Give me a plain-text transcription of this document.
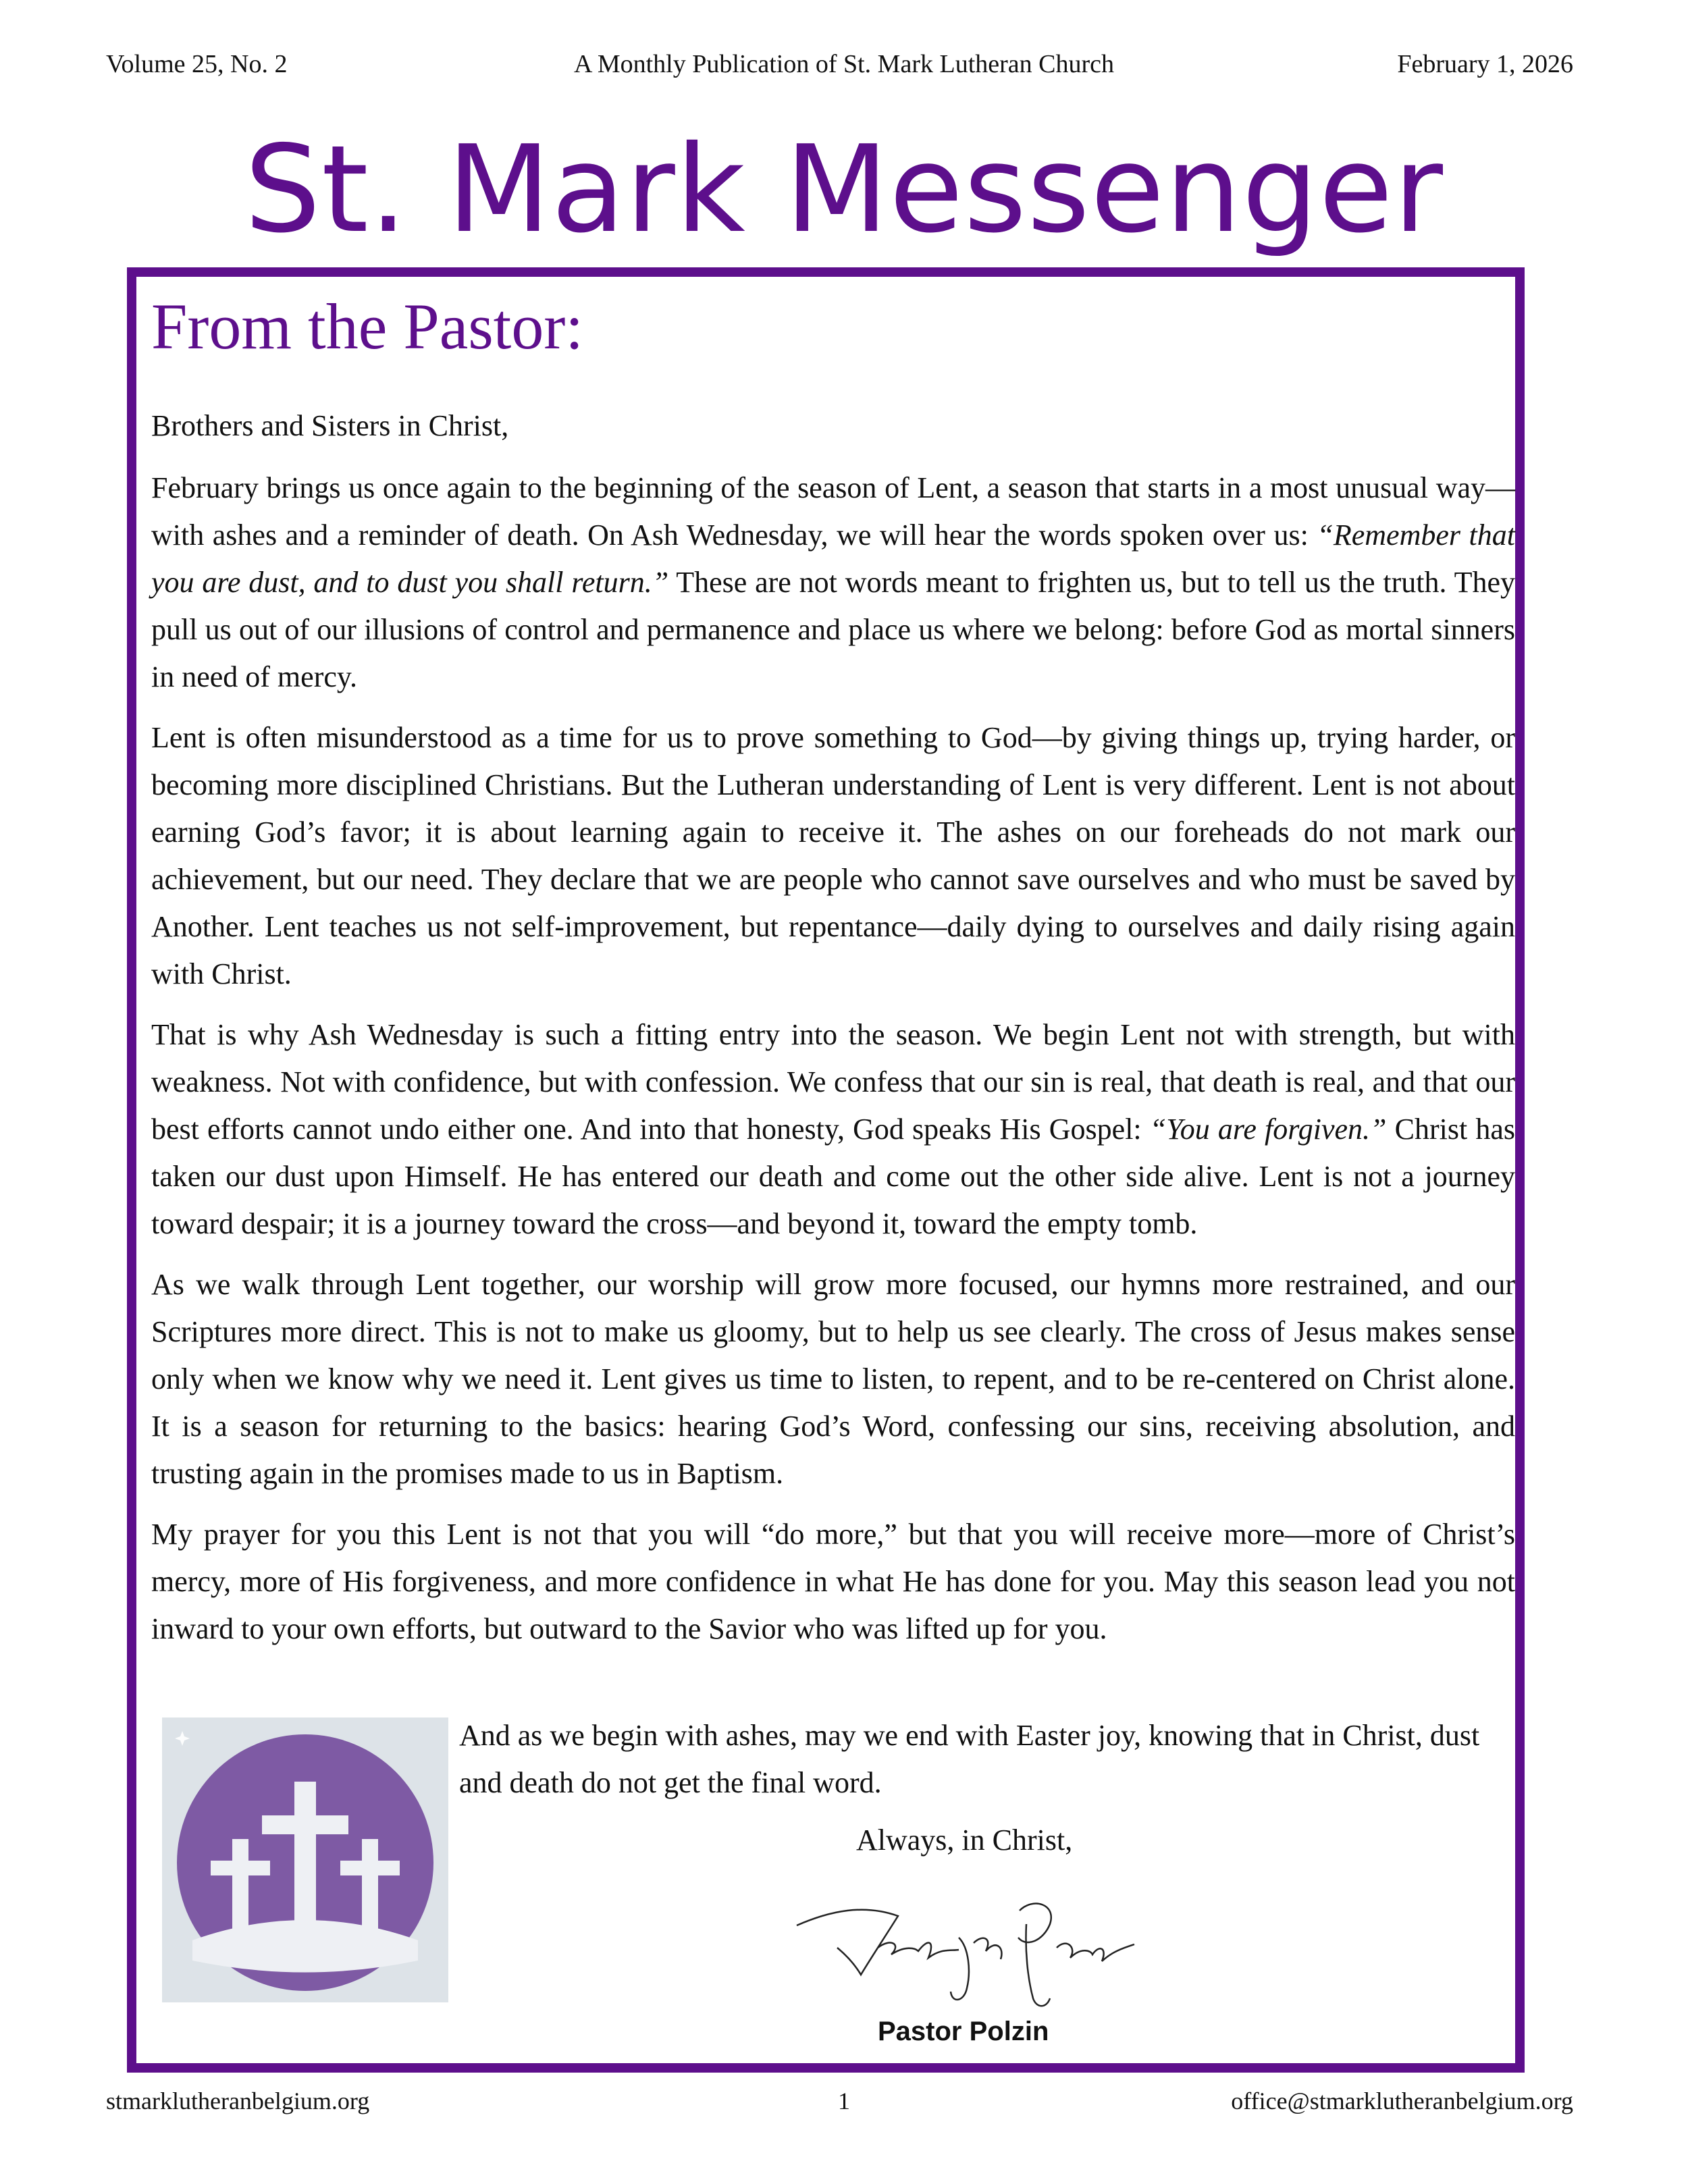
Volume 25, No. 2	A Monthly Publication of St. Mark Lutheran Church	February 1, 2026
St. Mark Messenger
From the Pastor:

Brothers and Sisters in Christ,

February brings us once again to the beginning of the season of Lent, a season that starts in a most unusual way—with ashes and a reminder of death. On Ash Wednesday, we will hear the words spoken over us: “Remember that you are dust, and to dust you shall return.” These are not words meant to frighten us, but to tell us the truth. They pull us out of our illusions of control and permanence and place us where we belong: before God as mortal sinners in need of mercy.

Lent is often misunderstood as a time for us to prove something to God—by giving things up, trying harder, or becoming more disciplined Christians. But the Lutheran understanding of Lent is very different. Lent is not about earning God’s favor; it is about learning again to receive it. The ashes on our foreheads do not mark our achievement, but our need. They declare that we are people who cannot save ourselves and who must be saved by Another. Lent teaches us not self-improvement, but repentance—daily dying to ourselves and daily rising again with Christ.

That is why Ash Wednesday is such a fitting entry into the season. We begin Lent not with strength, but with weakness. Not with confidence, but with confession. We confess that our sin is real, that death is real, and that our best efforts cannot undo either one. And into that honesty, God speaks His Gospel: “You are forgiven.” Christ has taken our dust upon Himself. He has entered our death and come out the other side alive. Lent is not a journey toward despair; it is a journey toward the cross—and beyond it, toward the empty tomb.

As we walk through Lent together, our worship will grow more focused, our hymns more restrained, and our Scriptures more direct. This is not to make us gloomy, but to help us see clearly. The cross of Jesus makes sense only when we know why we need it. Lent gives us time to listen, to repent, and to be re-centered on Christ alone. It is a season for returning to the basics: hearing God’s Word, confessing our sins, receiving absolution, and trusting again in the promises made to us in Baptism.

My prayer for you this Lent is not that you will “do more,” but that you will receive more—more of Christ’s mercy, more of His forgiveness, and more confidence in what He has done for you. May this season lead you not inward to your own efforts, but outward to the Savior who was lifted up for you.

And as we begin with ashes, may we end with Easter joy, knowing that in Christ, dust and death do not get the final word.
Always, in Christ,
Pastor Polzin
stmarklutheranbelgium.org	1	office@stmarklutheranbelgium.org
